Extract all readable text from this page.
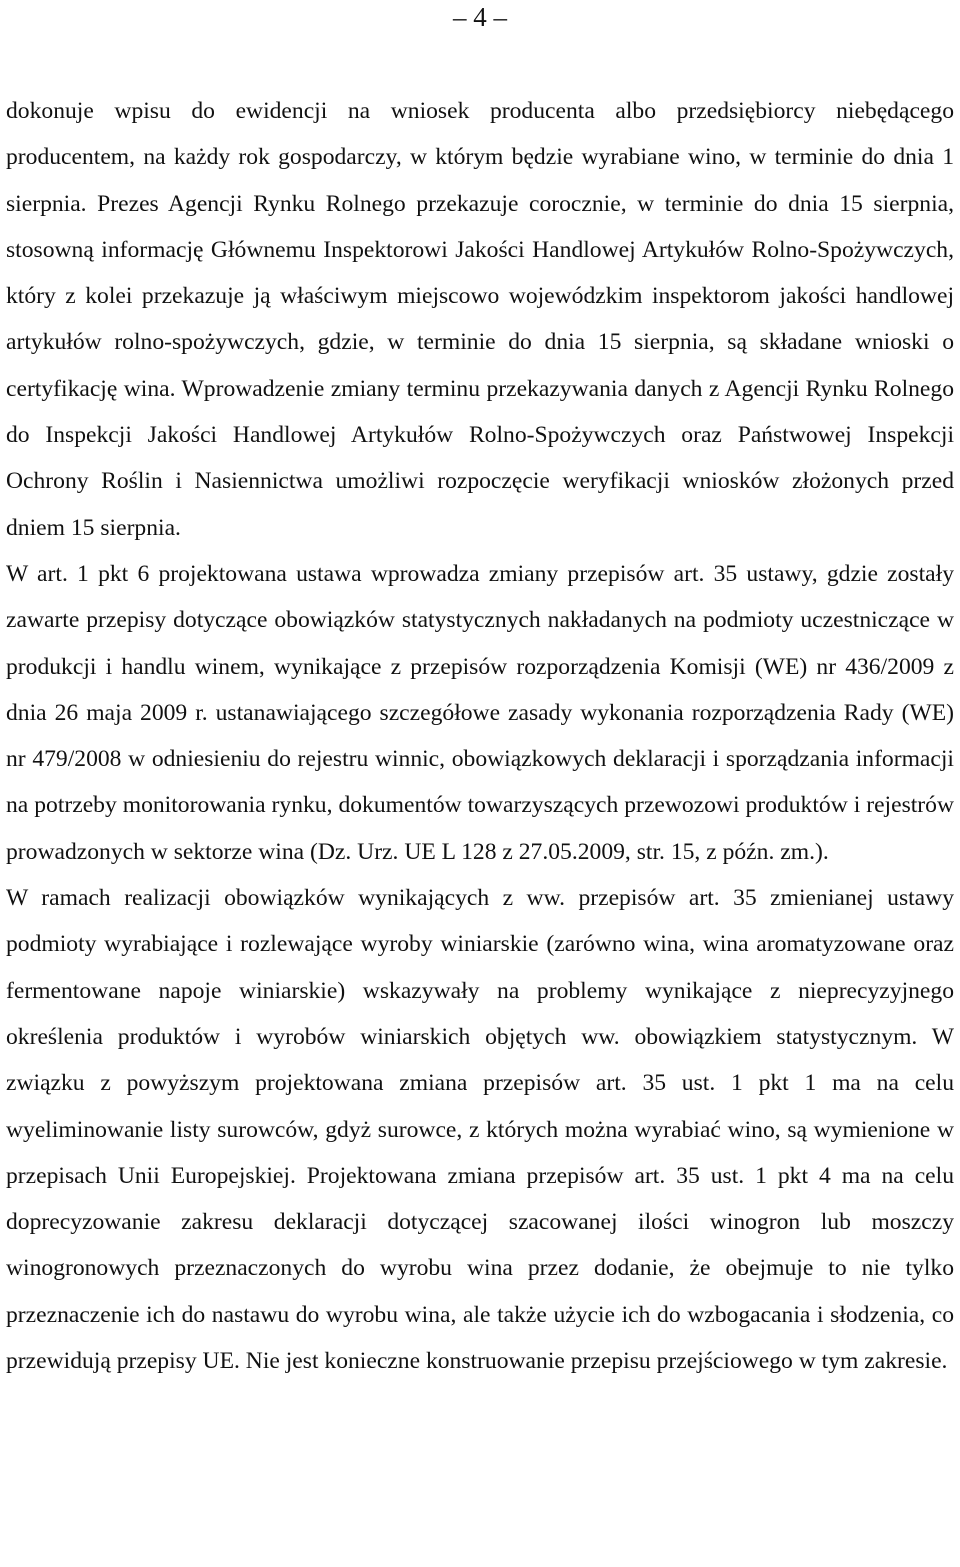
– 4 –

dokonuje wpisu do ewidencji na wniosek producenta albo przedsiębiorcy niebędącego producentem, na każdy rok gospodarczy, w którym będzie wyrabiane wino, w terminie do dnia 1 sierpnia. Prezes Agencji Rynku Rolnego przekazuje corocznie, w terminie do dnia 15 sierpnia, stosowną informację Głównemu Inspektorowi Jakości Handlowej Artykułów Rolno-Spożywczych, który z kolei przekazuje ją właściwym miejscowo wojewódzkim inspektorom jakości handlowej artykułów rolno-spożywczych, gdzie, w terminie do dnia 15 sierpnia, są składane wnioski o certyfikację wina. Wprowadzenie zmiany terminu przekazywania danych z Agencji Rynku Rolnego do Inspekcji Jakości Handlowej Artykułów Rolno-Spożywczych oraz Państwowej Inspekcji Ochrony Roślin i Nasiennictwa umożliwi rozpoczęcie weryfikacji wniosków złożonych przed dniem 15 sierpnia.

W art. 1 pkt 6 projektowana ustawa wprowadza zmiany przepisów art. 35 ustawy, gdzie zostały zawarte przepisy dotyczące obowiązków statystycznych nakładanych na podmioty uczestniczące w produkcji i handlu winem, wynikające z przepisów rozporządzenia Komisji (WE) nr 436/2009 z dnia 26 maja 2009 r. ustanawiającego szczegółowe zasady wykonania rozporządzenia Rady (WE) nr 479/2008 w odniesieniu do rejestru winnic, obowiązkowych deklaracji i sporządzania informacji na potrzeby monitorowania rynku, dokumentów towarzyszących przewozowi produktów i rejestrów prowadzonych w sektorze wina (Dz. Urz. UE L 128 z 27.05.2009, str. 15, z późn. zm.).

W ramach realizacji obowiązków wynikających z ww. przepisów art. 35 zmienianej ustawy podmioty wyrabiające i rozlewające wyroby winiarskie (zarówno wina, wina aromatyzowane oraz fermentowane napoje winiarskie) wskazywały na problemy wynikające z nieprecyzyjnego określenia produktów i wyrobów winiarskich objętych ww. obowiązkiem statystycznym. W związku z powyższym projektowana zmiana przepisów art. 35 ust. 1 pkt 1 ma na celu wyeliminowanie listy surowców, gdyż surowce, z których można wyrabiać wino, są wymienione w przepisach Unii Europejskiej. Projektowana zmiana przepisów art. 35 ust. 1 pkt 4 ma na celu doprecyzowanie zakresu deklaracji dotyczącej szacowanej ilości winogron lub moszczy winogronowych przeznaczonych do wyrobu wina przez dodanie, że obejmuje to nie tylko przeznaczenie ich do nastawu do wyrobu wina, ale także użycie ich do wzbogacania i słodzenia, co przewidują przepisy UE. Nie jest konieczne konstruowanie przepisu przejściowego w tym zakresie.
